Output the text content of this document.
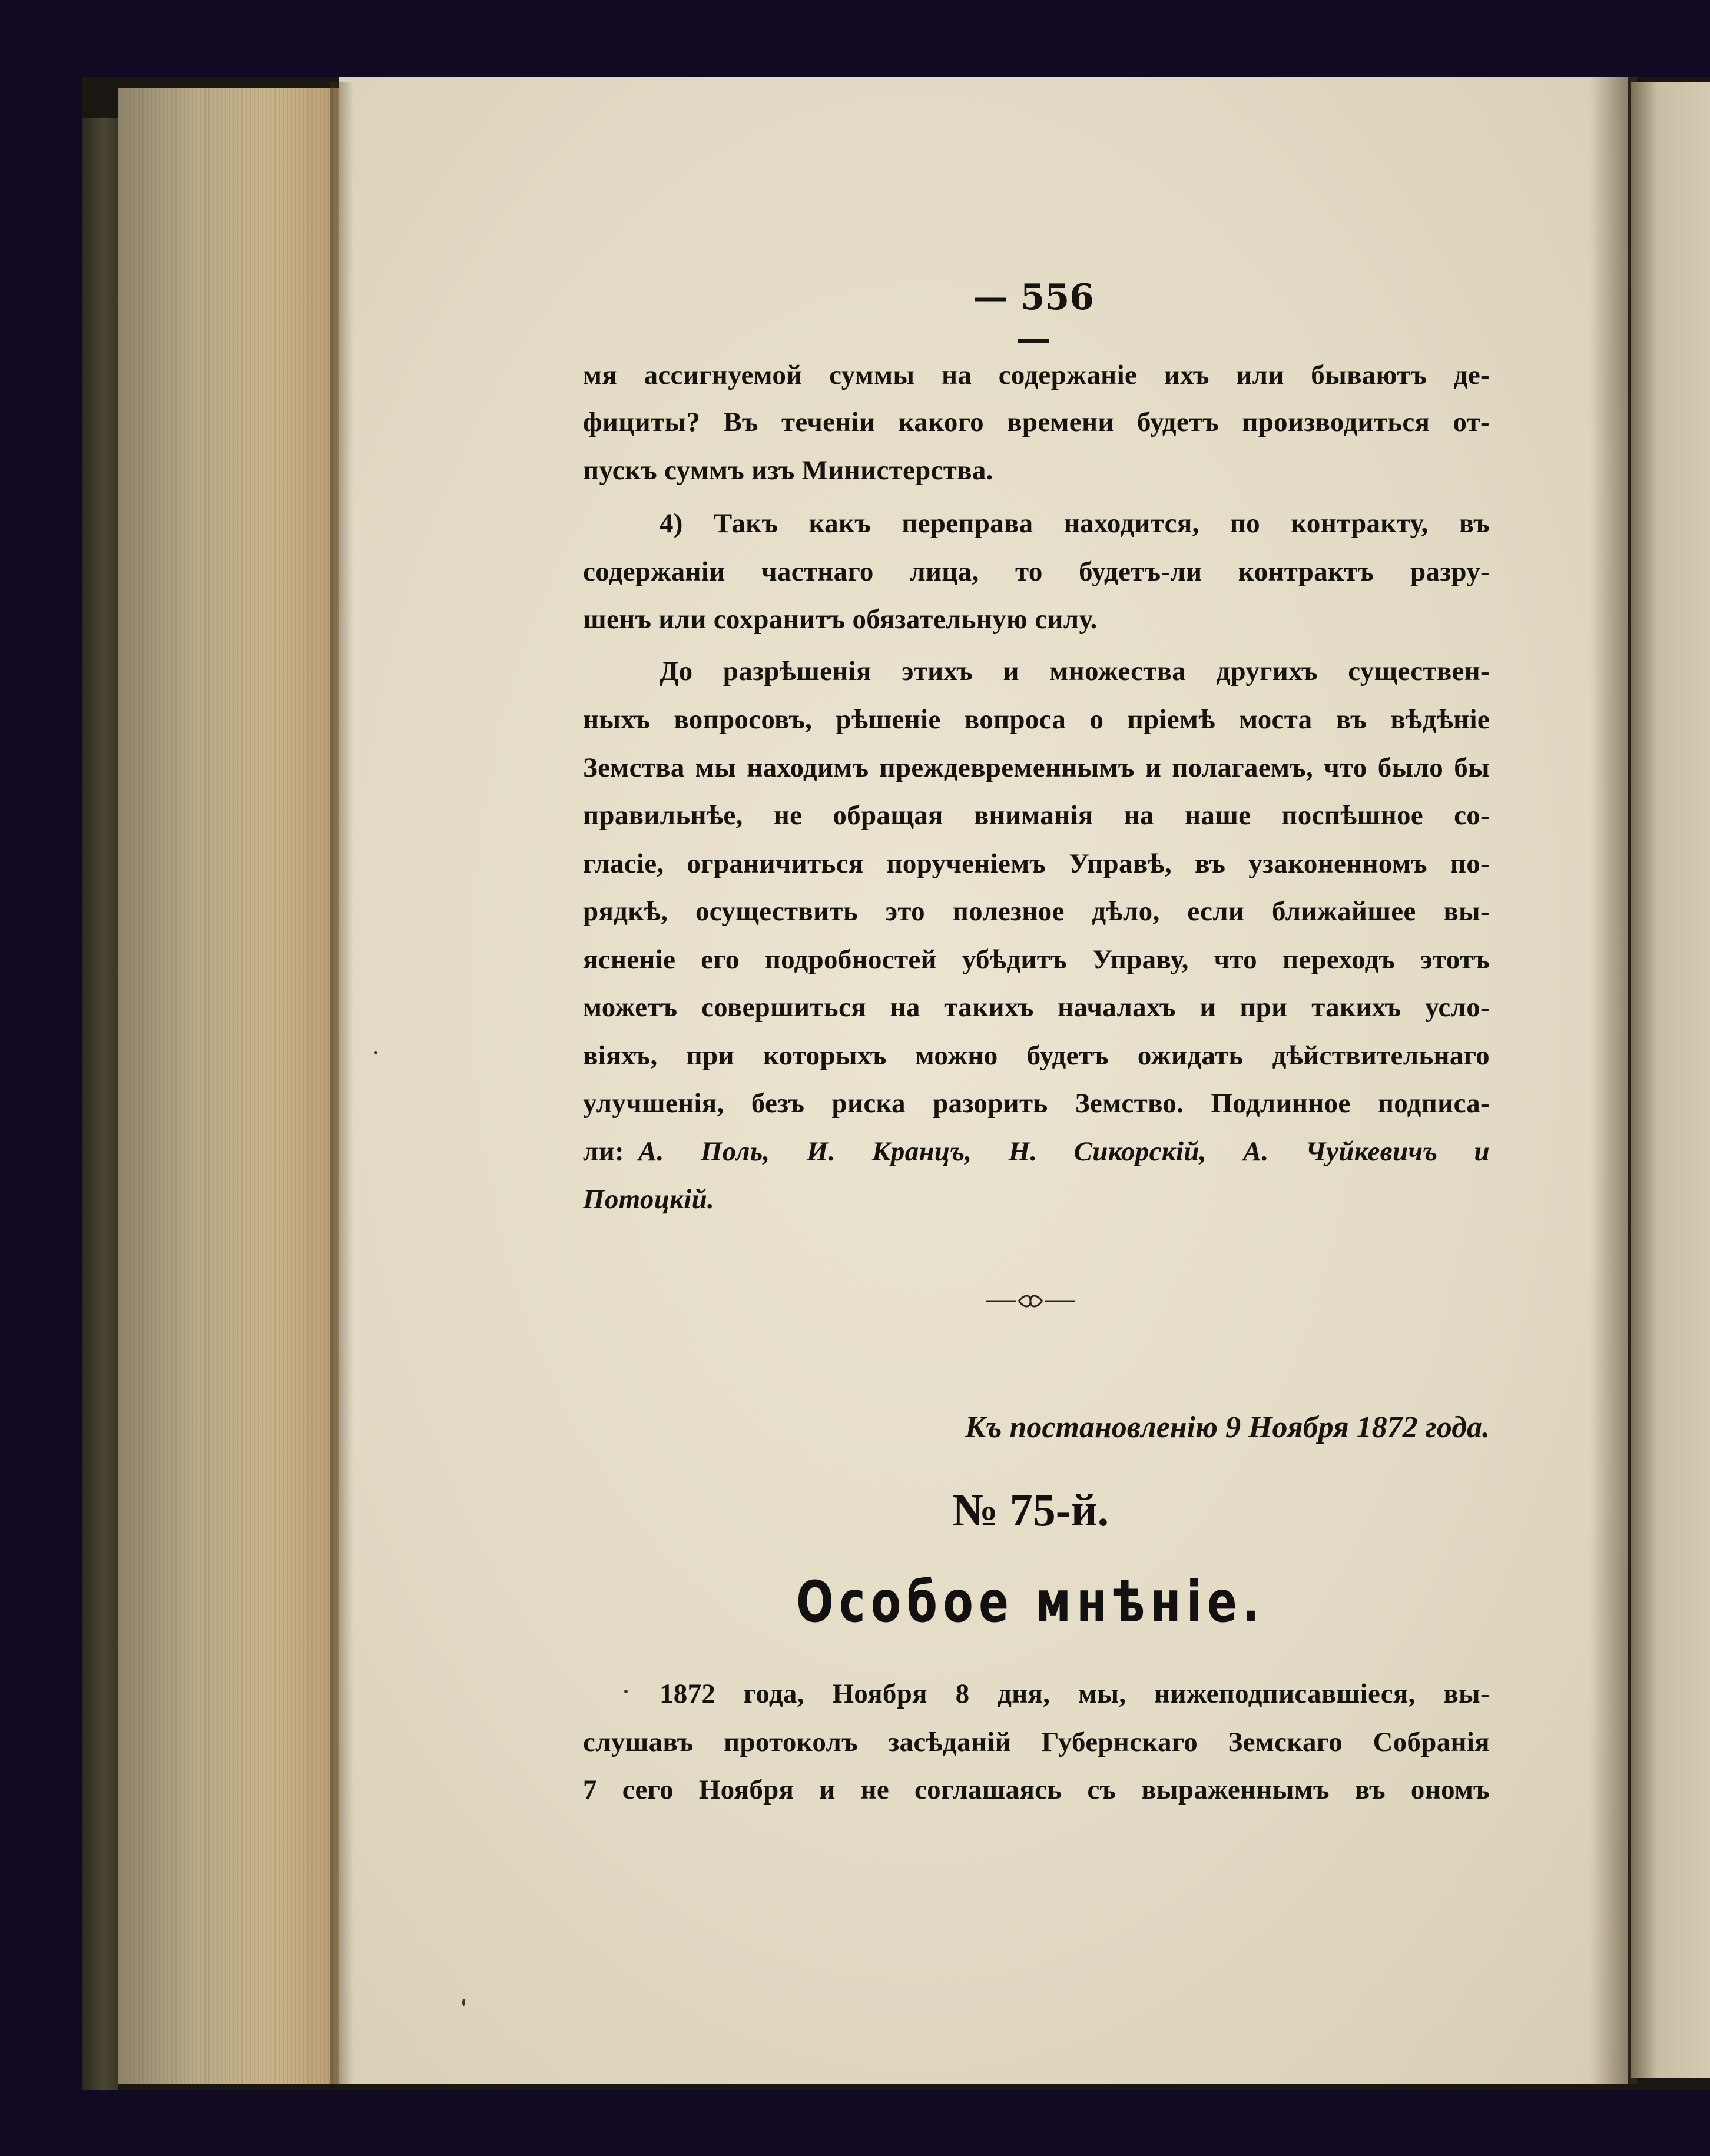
— 556 —
мя ассигнуемой суммы на содержаніе ихъ или бываютъ де-
фициты? Въ теченіи какого времени будетъ производиться от-
пускъ суммъ изъ Министерства.
4) Такъ какъ переправа находится, по контракту, въ
содержаніи частнаго лица, то будетъ-ли контрактъ разру-
шенъ или сохранитъ обязательную силу.
До разрѣшенія этихъ и множества другихъ существен-
ныхъ вопросовъ, рѣшеніе вопроса о пріемѣ моста въ вѣдѣніе
Земства мы находимъ преждевременнымъ и полагаемъ, что было бы
правильнѣе, не обращая вниманія на наше поспѣшное со-
гласіе, ограничиться порученіемъ Управѣ, въ узаконенномъ по-
рядкѣ, осуществить это полезное дѣло, если ближайшее вы-
ясненіе его подробностей убѣдитъ Управу, что переходъ этотъ
можетъ совершиться на такихъ началахъ и при такихъ усло-
віяхъ, при которыхъ можно будетъ ожидать дѣйствительнаго
улучшенія, безъ риска разорить Земство. Подлинное подписа-
ли: А. Поль, И. Кранцъ, Н. Сикорскій, А. Чуйкевичъ и
Потоцкій.
Къ постановленію 9 Ноября 1872 года.
№ 75-й.
Особое мнѣніе.
1872 года, Ноября 8 дня, мы, нижеподписавшіеся, вы-
слушавъ протоколъ засѣданій Губернскаго Земскаго Собранія
7 сего Ноября и не соглашаясь съ выраженнымъ въ ономъ
